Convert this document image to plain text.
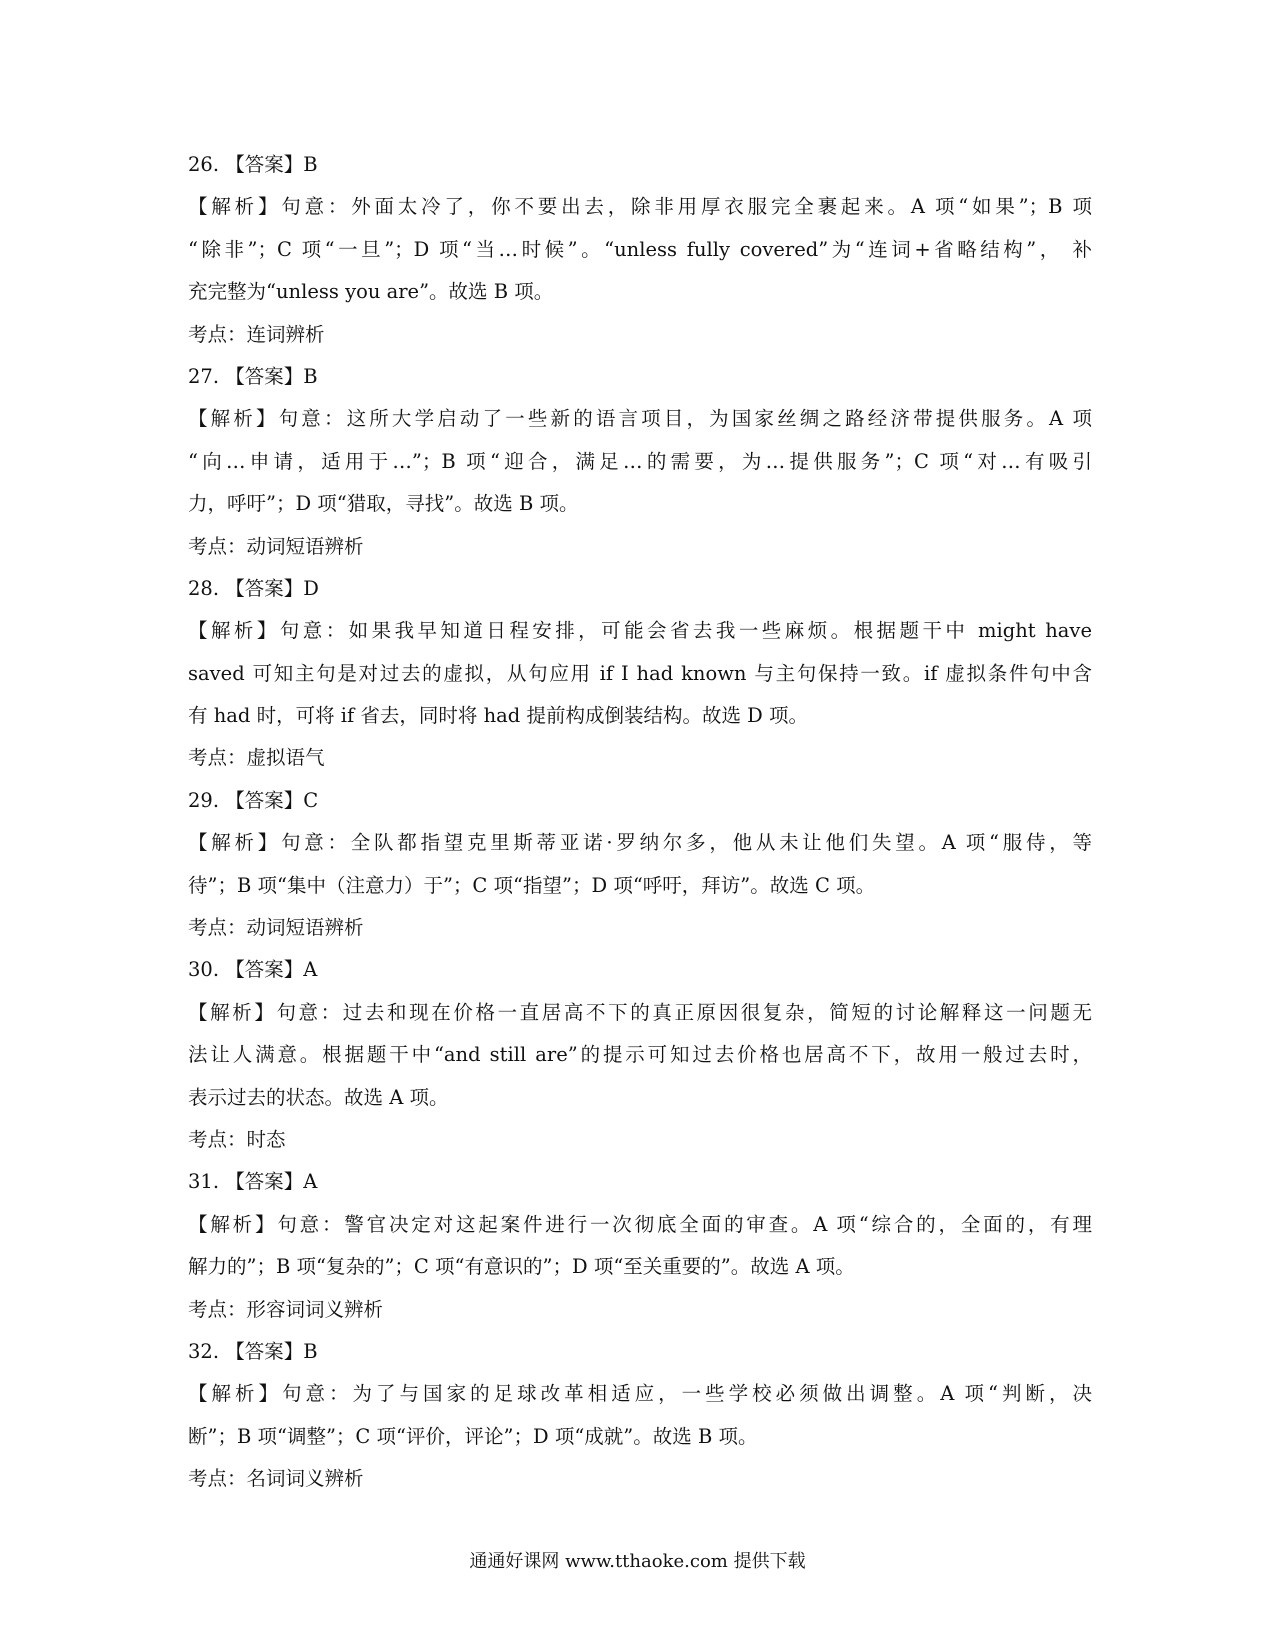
26. 【答案】B
【解析】句意：外面太冷了，你不要出去，除非用厚衣服完全裹起来。A 项“如果”；B 项
“除非”；C 项“一旦”；D 项“当…时候”。“unless fully covered”为“连词+省略结构”， 补
充完整为“unless you are”。故选 B 项。
考点：连词辨析
27. 【答案】B
【解析】句意：这所大学启动了一些新的语言项目，为国家丝绸之路经济带提供服务。A 项
“向…申请，适用于…”；B 项“迎合，满足…的需要，为…提供服务”；C 项“对…有吸引
力，呼吁”；D 项“猎取，寻找”。故选 B 项。
考点：动词短语辨析
28. 【答案】D
【解析】句意：如果我早知道日程安排，可能会省去我一些麻烦。根据题干中 might have
saved 可知主句是对过去的虚拟，从句应用 if I had known 与主句保持一致。if 虚拟条件句中含
有 had 时，可将 if 省去，同时将 had 提前构成倒装结构。故选 D 项。
考点：虚拟语气
29. 【答案】C
【解析】句意：全队都指望克里斯蒂亚诺·罗纳尔多，他从未让他们失望。A 项“服侍，等
待”；B 项“集中（注意力）于”；C 项“指望”；D 项“呼吁，拜访”。故选 C 项。
考点：动词短语辨析
30. 【答案】A
【解析】句意：过去和现在价格一直居高不下的真正原因很复杂，简短的讨论解释这一问题无
法让人满意。根据题干中“and still are”的提示可知过去价格也居高不下，故用一般过去时，
表示过去的状态。故选 A 项。
考点：时态
31. 【答案】A
【解析】句意：警官决定对这起案件进行一次彻底全面的审查。A 项“综合的，全面的，有理
解力的”；B 项“复杂的”；C 项“有意识的”；D 项“至关重要的”。故选 A 项。
考点：形容词词义辨析
32. 【答案】B
【解析】句意：为了与国家的足球改革相适应，一些学校必须做出调整。A 项“判断，决
断”；B 项“调整”；C 项“评价，评论”；D 项“成就”。故选 B 项。
考点：名词词义辨析
通通好课网 www.tthaoke.com 提供下载
